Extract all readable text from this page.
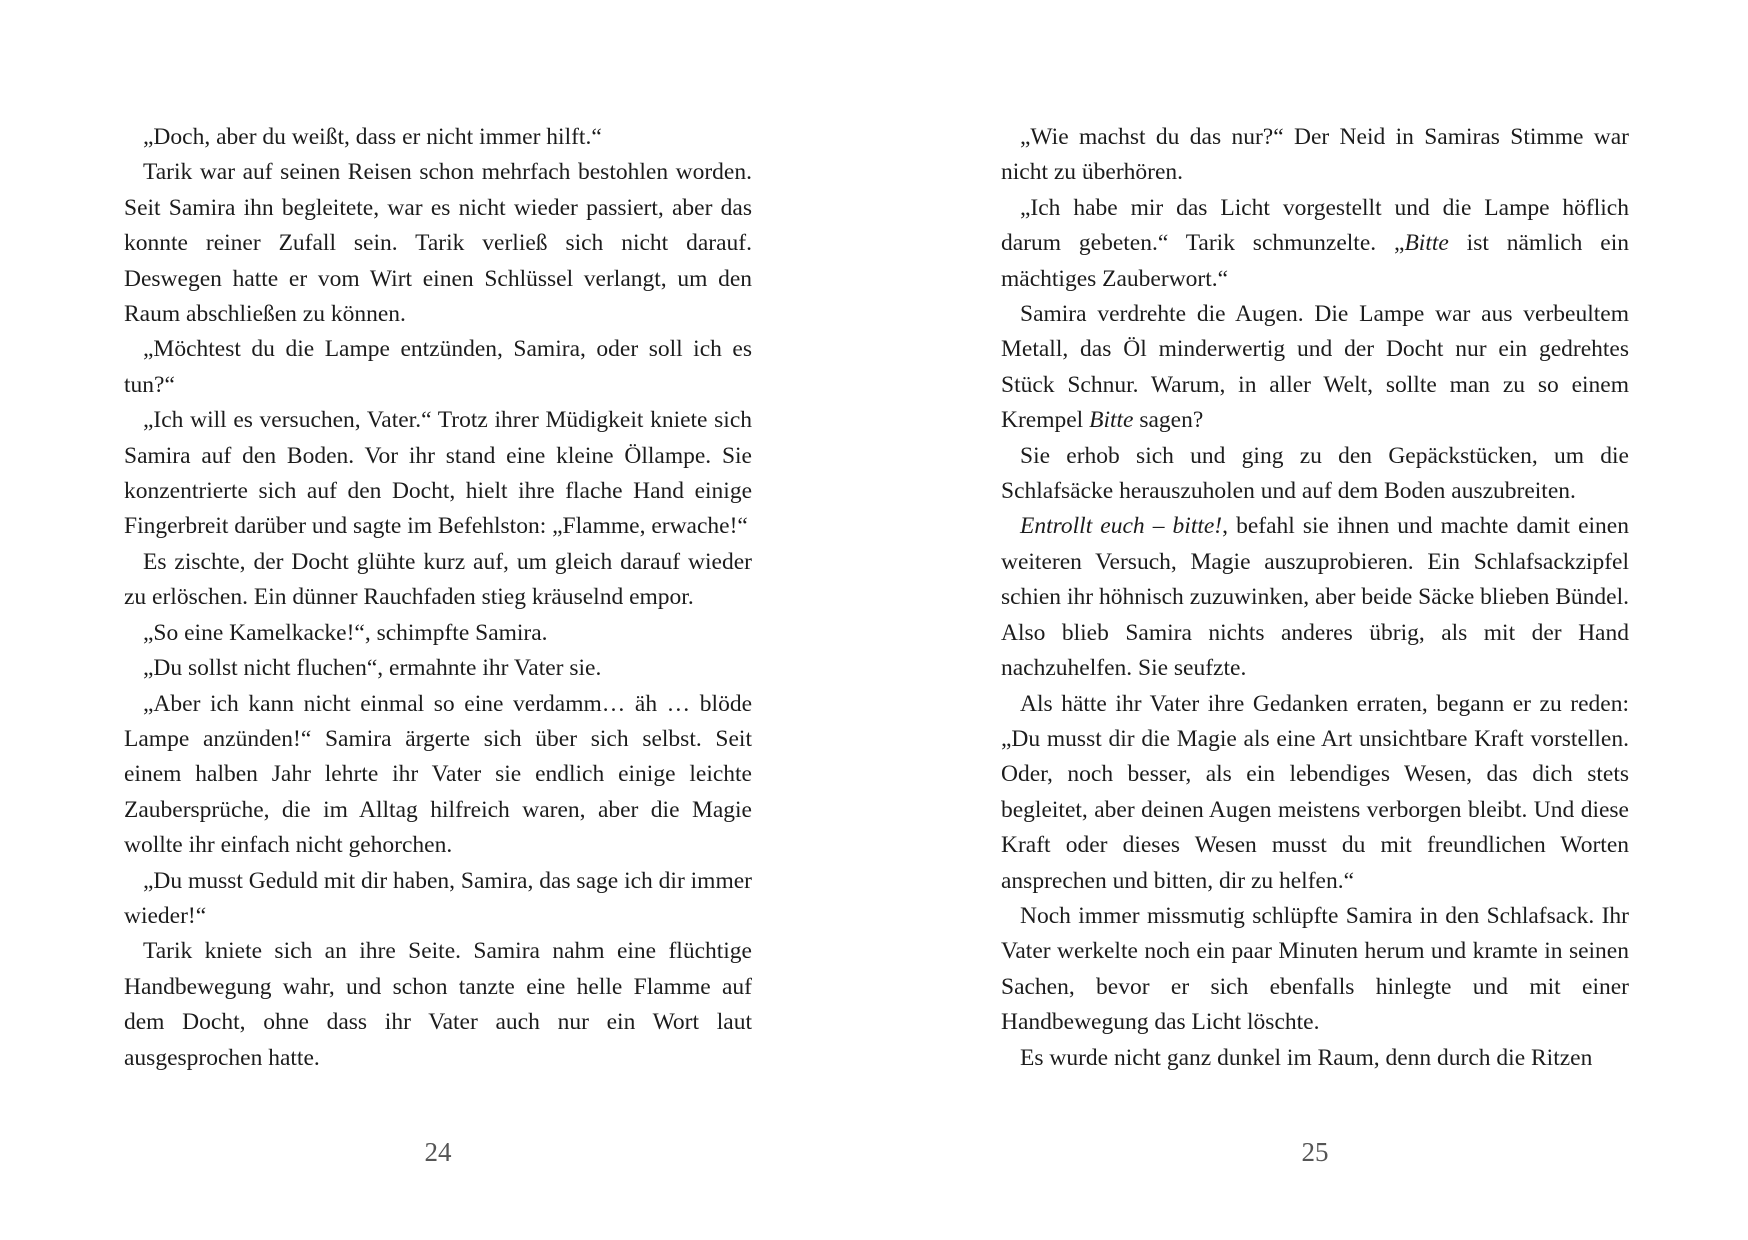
„Doch, aber du weißt, dass er nicht immer hilft.“

Tarik war auf seinen Reisen schon mehrfach bestohlen worden. Seit Samira ihn begleitete, war es nicht wieder passiert, aber das konnte reiner Zufall sein. Tarik verließ sich nicht darauf. Deswegen hatte er vom Wirt einen Schlüssel verlangt, um den Raum abschließen zu können.

„Möchtest du die Lampe entzünden, Samira, oder soll ich es tun?“

„Ich will es versuchen, Vater.“ Trotz ihrer Müdigkeit kniete sich Samira auf den Boden. Vor ihr stand eine kleine Öllampe. Sie konzentrierte sich auf den Docht, hielt ihre flache Hand einige Fingerbreit darüber und sagte im Befehlston: „Flamme, erwache!“

Es zischte, der Docht glühte kurz auf, um gleich darauf wieder zu erlöschen. Ein dünner Rauchfaden stieg kräuselnd empor.

„So eine Kamelkacke!“, schimpfte Samira.

„Du sollst nicht fluchen“, ermahnte ihr Vater sie.

„Aber ich kann nicht einmal so eine verdamm… äh … blöde Lampe anzünden!“ Samira ärgerte sich über sich selbst. Seit einem halben Jahr lehrte ihr Vater sie endlich einige leichte Zaubersprüche, die im Alltag hilfreich waren, aber die Magie wollte ihr einfach nicht gehorchen.

„Du musst Geduld mit dir haben, Samira, das sage ich dir immer wieder!“

Tarik kniete sich an ihre Seite. Samira nahm eine flüchtige Handbewegung wahr, und schon tanzte eine helle Flamme auf dem Docht, ohne dass ihr Vater auch nur ein Wort laut ausgesprochen hatte.

24

„Wie machst du das nur?“ Der Neid in Samiras Stimme war nicht zu überhören.

„Ich habe mir das Licht vorgestellt und die Lampe höflich darum gebeten.“ Tarik schmunzelte. „Bitte ist nämlich ein mächtiges Zauberwort.“

Samira verdrehte die Augen. Die Lampe war aus verbeultem Metall, das Öl minderwertig und der Docht nur ein gedrehtes Stück Schnur. Warum, in aller Welt, sollte man zu so einem Krempel Bitte sagen?

Sie erhob sich und ging zu den Gepäckstücken, um die Schlafsäcke herauszuholen und auf dem Boden auszubreiten.

Entrollt euch – bitte!, befahl sie ihnen und machte damit einen weiteren Versuch, Magie auszuprobieren. Ein Schlafsackzipfel schien ihr höhnisch zuzuwinken, aber beide Säcke blieben Bündel. Also blieb Samira nichts anderes übrig, als mit der Hand nachzuhelfen. Sie seufzte.

Als hätte ihr Vater ihre Gedanken erraten, begann er zu reden: „Du musst dir die Magie als eine Art unsichtbare Kraft vorstellen. Oder, noch besser, als ein lebendiges Wesen, das dich stets begleitet, aber deinen Augen meistens verborgen bleibt. Und diese Kraft oder dieses Wesen musst du mit freundlichen Worten ansprechen und bitten, dir zu helfen.“

Noch immer missmutig schlüpfte Samira in den Schlafsack. Ihr Vater werkelte noch ein paar Minuten herum und kramte in seinen Sachen, bevor er sich ebenfalls hinlegte und mit einer Handbewegung das Licht löschte.

Es wurde nicht ganz dunkel im Raum, denn durch die Ritzen

25
